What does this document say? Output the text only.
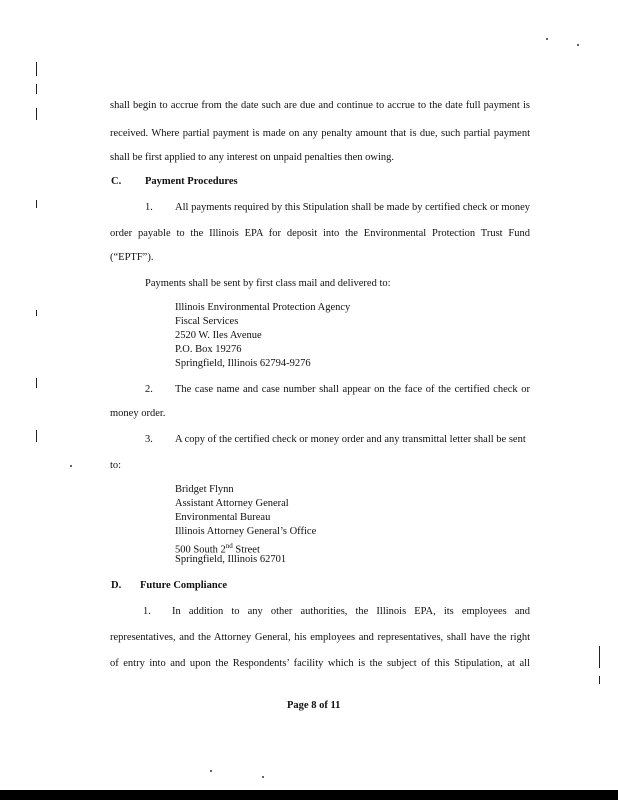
shall begin to accrue from the date such are due and continue to accrue to the date full payment is
received. Where partial payment is made on any penalty amount that is due, such partial payment
shall be first applied to any interest on unpaid penalties then owing.
C. Payment Procedures
1. All payments required by this Stipulation shall be made by certified check or money
order payable to the Illinois EPA for deposit into the Environmental Protection Trust Fund
(“EPTF”).
Payments shall be sent by first class mail and delivered to:
Illinois Environmental Protection Agency
Fiscal Services
2520 W. Iles Avenue
P.O. Box 19276
Springfield, Illinois 62794-9276
2. The case name and case number shall appear on the face of the certified check or
money order.
3. A copy of the certified check or money order and any transmittal letter shall be sent
to:
Bridget Flynn
Assistant Attorney General
Environmental Bureau
Illinois Attorney General’s Office
500 South 2nd Street
Springfield, Illinois 62701
D. Future Compliance
1. In addition to any other authorities, the Illinois EPA, its employees and
representatives, and the Attorney General, his employees and representatives, shall have the right
of entry into and upon the Respondents’ facility which is the subject of this Stipulation, at all
Page 8 of 11
